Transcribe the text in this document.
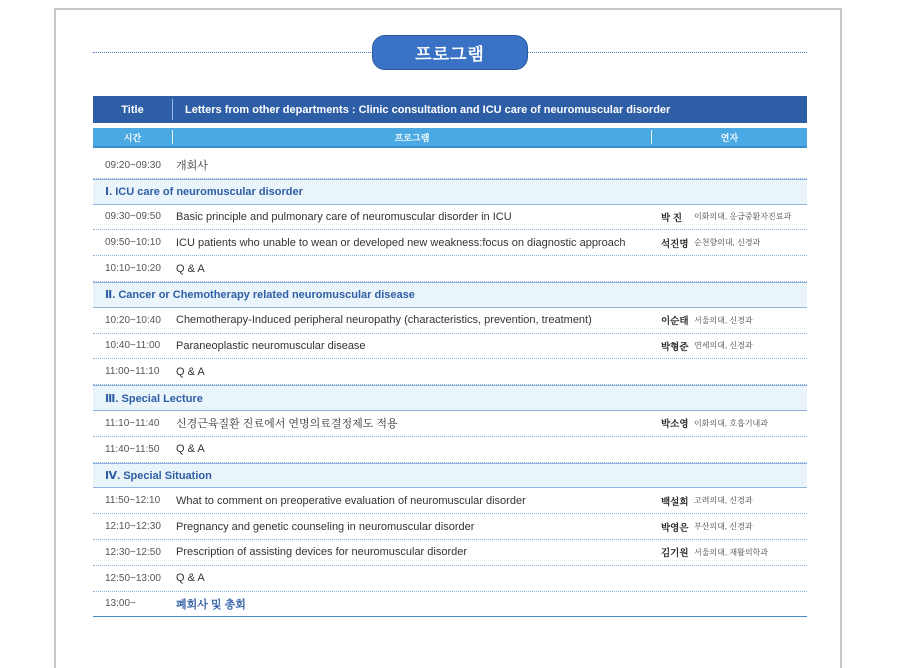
프로그램
Title	Letters from other departments : Clinic consultation and ICU care of neuromuscular disorder
시간	프로그램	연자
09:20~09:30 개회사
Ⅰ. ICU care of neuromuscular disorder
09:30~09:50 Basic principle and pulmonary care of neuromuscular disorder in ICU	박 진 이화의대, 응급중환자진료과
09:50~10:10 ICU patients who unable to wean or developed new weakness:focus on diagnostic approach	석진명 순천향의대, 신경과
10:10~10:20 Q & A
Ⅱ. Cancer or Chemotherapy related neuromuscular disease
10:20~10:40 Chemotherapy-Induced peripheral neuropathy (characteristics, prevention, treatment)	이순태 서울의대, 신경과
10:40~11:00 Paraneoplastic neuromuscular disease	박형준 연세의대, 신경과
11:00~11:10 Q & A
Ⅲ. Special Lecture
11:10~11:40 신경근육질환 진료에서 연명의료결정제도 적용	박소영 이화의대, 호흡기내과
11:40~11:50 Q & A
Ⅳ. Special Situation
11:50~12:10 What to comment on preoperative evaluation of neuromuscular disorder	백설희 고려의대, 신경과
12:10~12:30 Pregnancy and genetic counseling in neuromuscular disorder	박영은 부산의대, 신경과
12:30~12:50 Prescription of assisting devices for neuromuscular disorder	김기원 서울의대, 재활의학과
12:50~13:00 Q & A
13:00~	폐회사 및 총회
